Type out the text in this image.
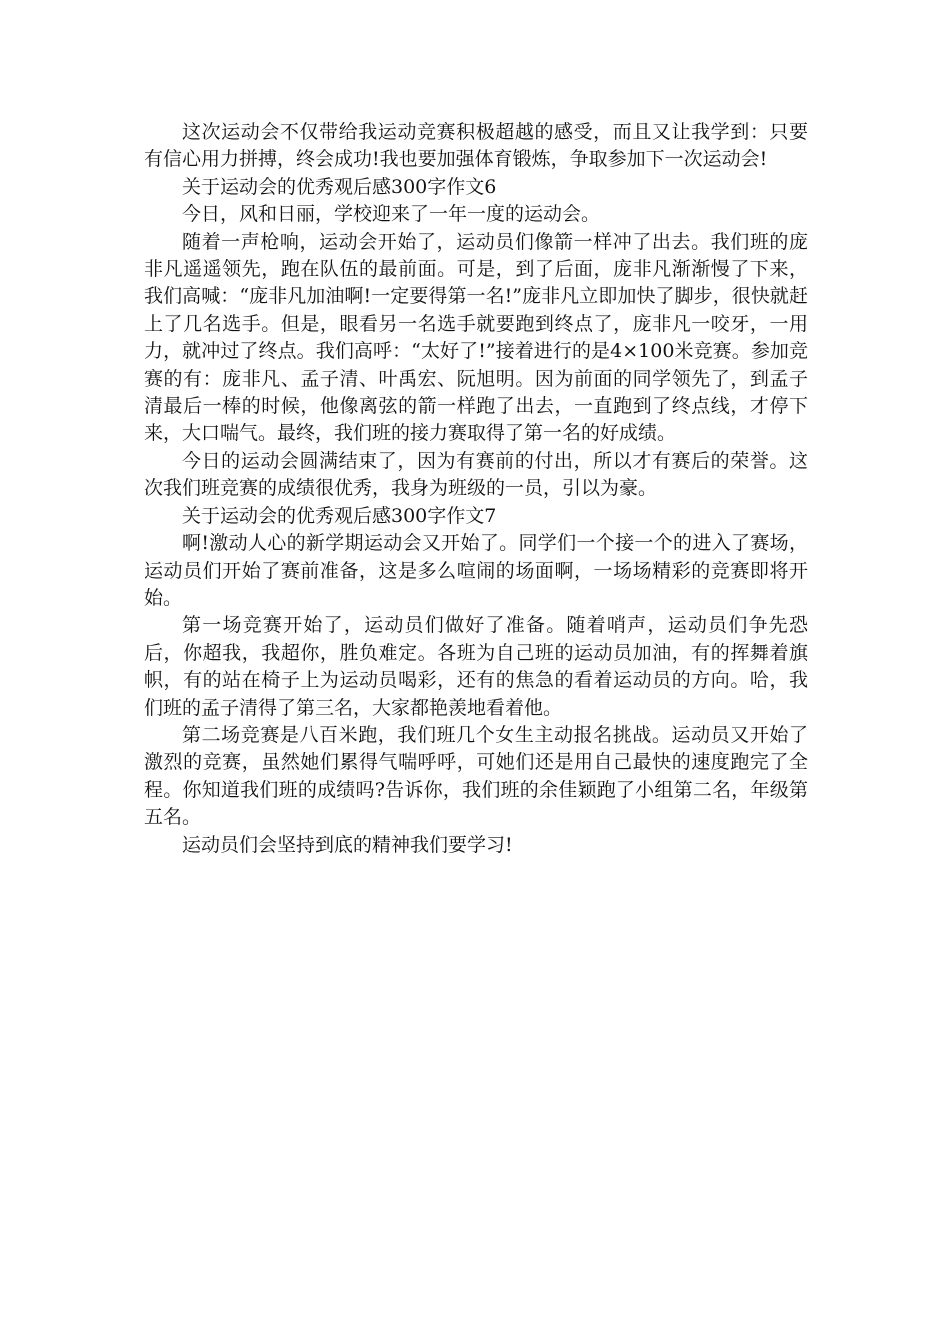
这次运动会不仅带给我运动竞赛积极超越的感受，而且又让我学到：只要有信心用力拼搏，终会成功!我也要加强体育锻炼，争取参加下一次运动会!

关于运动会的优秀观后感300字作文6

今日，风和日丽，学校迎来了一年一度的运动会。

随着一声枪响，运动会开始了，运动员们像箭一样冲了出去。我们班的庞非凡遥遥领先，跑在队伍的最前面。可是，到了后面，庞非凡渐渐慢了下来，我们高喊：“庞非凡加油啊!一定要得第一名!”庞非凡立即加快了脚步，很快就赶上了几名选手。但是，眼看另一名选手就要跑到终点了，庞非凡一咬牙，一用力，就冲过了终点。我们高呼：“太好了!”接着进行的是4×100米竞赛。参加竞赛的有：庞非凡、孟子清、叶禹宏、阮旭明。因为前面的同学领先了，到孟子清最后一棒的时候，他像离弦的箭一样跑了出去，一直跑到了终点线，才停下来，大口喘气。最终，我们班的接力赛取得了第一名的好成绩。

今日的运动会圆满结束了，因为有赛前的付出，所以才有赛后的荣誉。这次我们班竞赛的成绩很优秀，我身为班级的一员，引以为豪。

关于运动会的优秀观后感300字作文7

啊!激动人心的新学期运动会又开始了。同学们一个接一个的进入了赛场，运动员们开始了赛前准备，这是多么喧闹的场面啊，一场场精彩的竞赛即将开始。

第一场竞赛开始了，运动员们做好了准备。随着哨声，运动员们争先恐后，你超我，我超你，胜负难定。各班为自己班的运动员加油，有的挥舞着旗帜，有的站在椅子上为运动员喝彩，还有的焦急的看着运动员的方向。哈，我们班的孟子清得了第三名，大家都艳羡地看着他。

第二场竞赛是八百米跑，我们班几个女生主动报名挑战。运动员又开始了激烈的竞赛，虽然她们累得气喘呼呼，可她们还是用自己最快的速度跑完了全程。你知道我们班的成绩吗?告诉你，我们班的余佳颖跑了小组第二名，年级第五名。

运动员们会坚持到底的精神我们要学习!
